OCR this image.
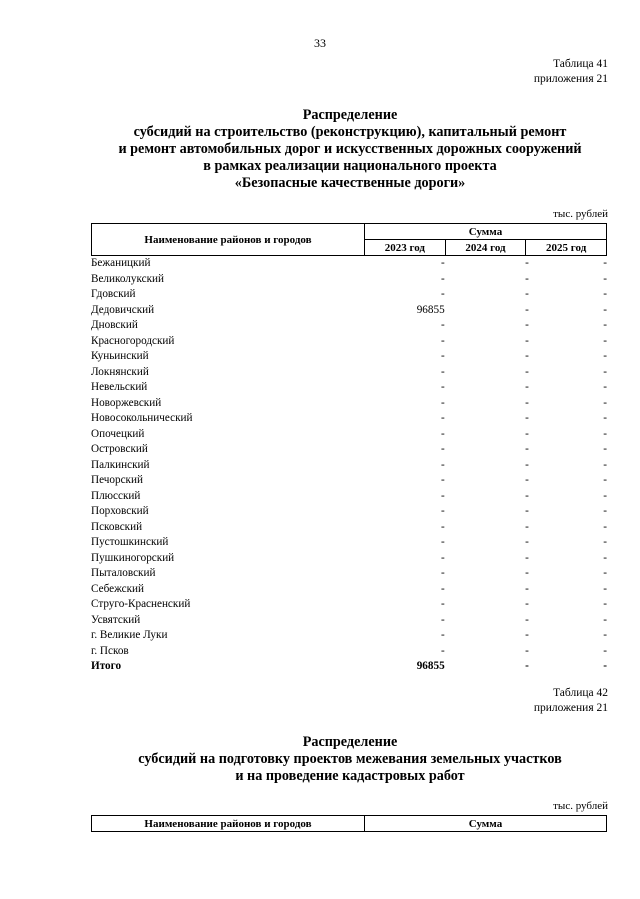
33
Таблица 41
приложения 21
Распределение
субсидий на строительство (реконструкцию), капитальный ремонт
и ремонт автомобильных дорог и искусственных дорожных сооружений
в рамках реализации национального проекта
«Безопасные качественные дороги»
тыс. рублей
Наименование районов и городов	Сумма		
	2023 год	2024 год	2025 год
Бежаницкий	-	-	-
Великолукский	-	-	-
Гдовский	-	-	-
Дедовичский	96855	-	-
Дновский	-	-	-
Красногородский	-	-	-
Куньинский	-	-	-
Локнянский	-	-	-
Невельский	-	-	-
Новоржевский	-	-	-
Новосокольнический	-	-	-
Опочецкий	-	-	-
Островский	-	-	-
Палкинский	-	-	-
Печорский	-	-	-
Плюсский	-	-	-
Порховский	-	-	-
Псковский	-	-	-
Пустошкинский	-	-	-
Пушкиногорский	-	-	-
Пыталовский	-	-	-
Себежский	-	-	-
Струго-Красненский	-	-	-
Усвятский	-	-	-
г. Великие Луки	-	-	-
г. Псков	-	-	-
Итого	96855	-	-
Таблица 42
приложения 21
Распределение
субсидий на подготовку проектов межевания земельных участков
и на проведение кадастровых работ
тыс. рублей
Наименование районов и городов	Сумма
